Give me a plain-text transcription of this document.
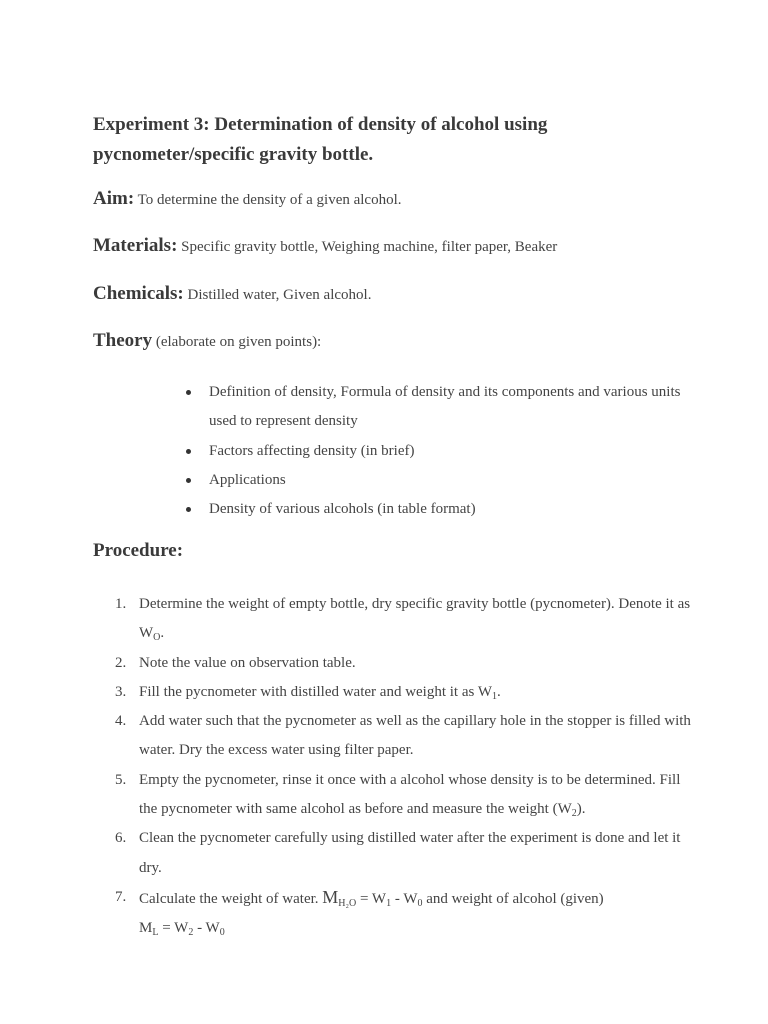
Experiment 3: Determination of density of alcohol using pycnometer/specific gravity bottle.
Aim: To determine the density of a given alcohol.
Materials: Specific gravity bottle, Weighing machine, filter paper, Beaker
Chemicals: Distilled water, Given alcohol.
Theory (elaborate on given points):
Definition of density, Formula of density and its components and various units used to represent density
Factors affecting density (in brief)
Applications
Density of various alcohols (in table format)
Procedure:
1. Determine the weight of empty bottle, dry specific gravity bottle (pycnometer). Denote it as $W_O$.
2. Note the value on observation table.
3. Fill the pycnometer with distilled water and weight it as $W_1$.
4. Add water such that the pycnometer as well as the capillary hole in the stopper is filled with water. Dry the excess water using filter paper.
5. Empty the pycnometer, rinse it once with a alcohol whose density is to be determined. Fill the pycnometer with same alcohol as before and measure the weight $(W_2)$.
6. Clean the pycnometer carefully using distilled water after the experiment is done and let it dry.
7. Calculate the weight of water. $M_{H_2O} = W_1 - W_0$ and weight of alcohol (given)
$M_L = W_2 - W_0$
